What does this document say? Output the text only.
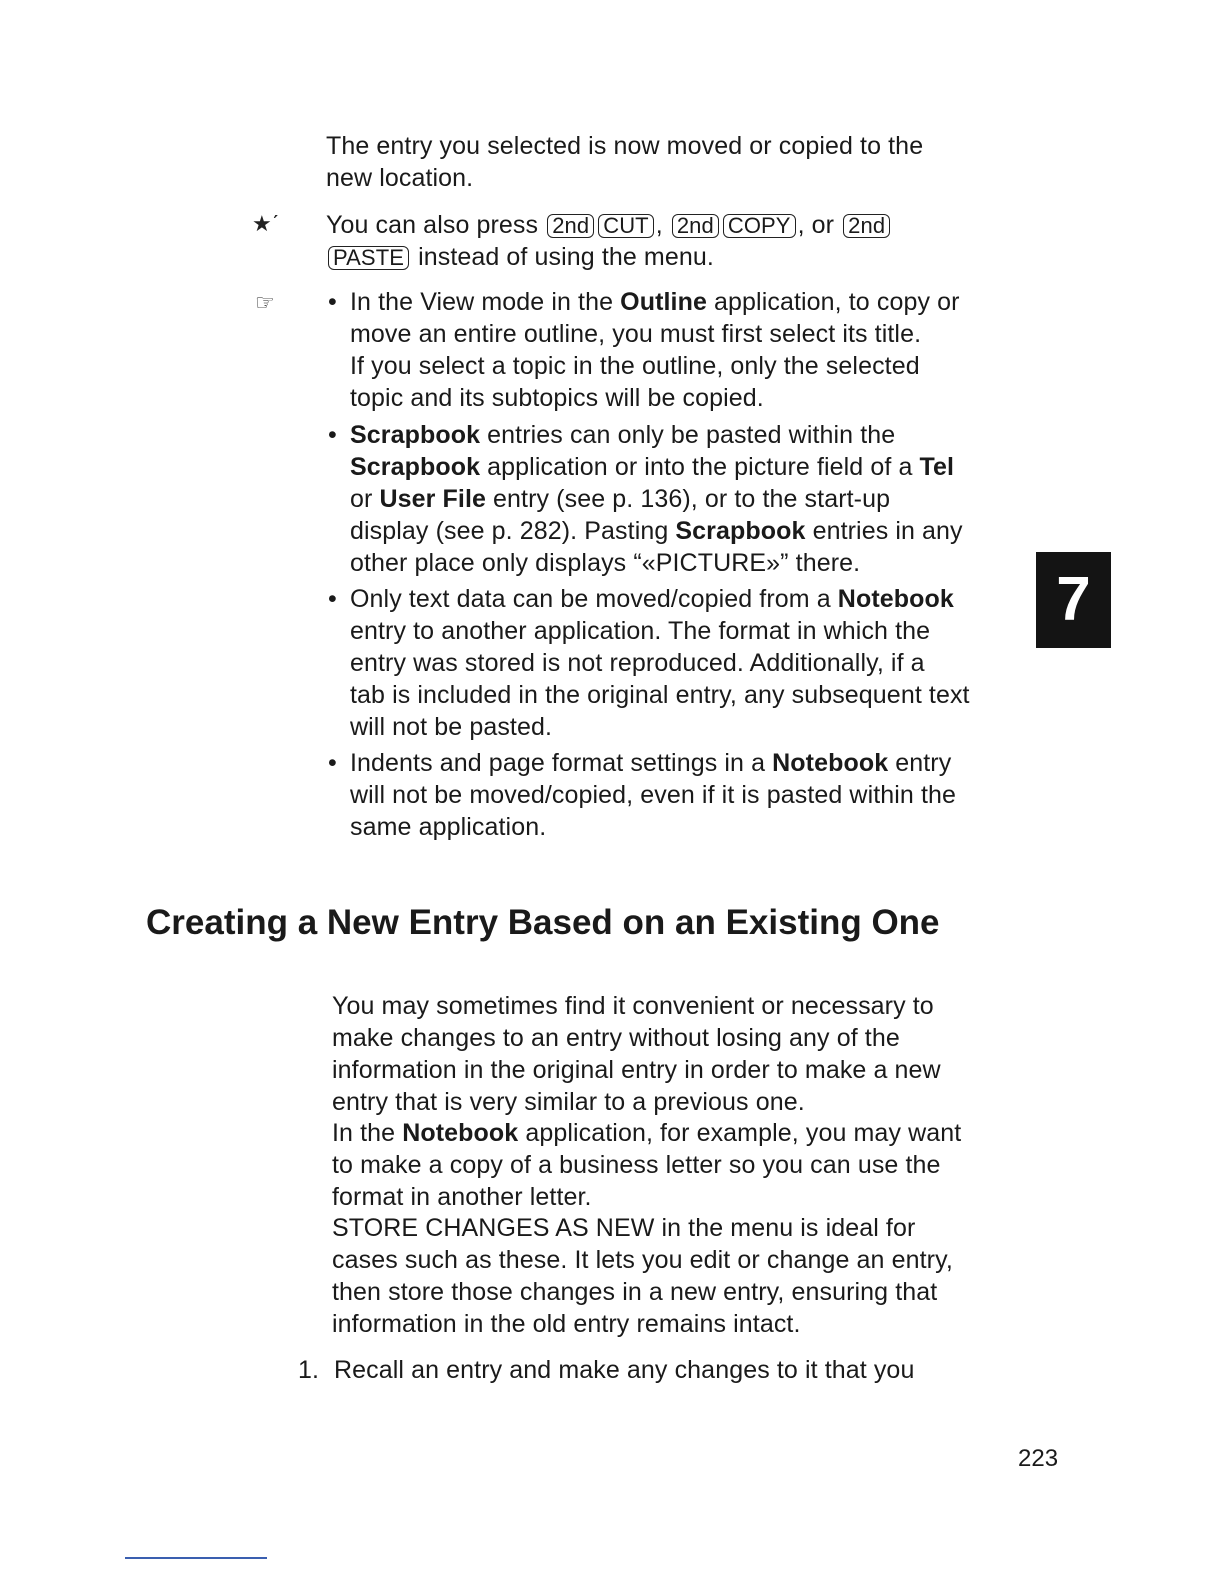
The entry you selected is now moved or copied to the
new location.
★ˊ You can also press 2nd CUT , 2nd COPY , or 2nd
PASTE instead of using the menu.
☞ • In the View mode in the Outline application, to copy or
move an entire outline, you must first select its title.
If you select a topic in the outline, only the selected
topic and its subtopics will be copied.
• Scrapbook entries can only be pasted within the
Scrapbook application or into the picture field of a Tel
or User File entry (see p. 136), or to the start-up
display (see p. 282). Pasting Scrapbook entries in any
other place only displays “«PICTURE»” there.
• Only text data can be moved/copied from a Notebook
entry to another application. The format in which the
entry was stored is not reproduced. Additionally, if a
tab is included in the original entry, any subsequent text
will not be pasted.
• Indents and page format settings in a Notebook entry
will not be moved/copied, even if it is pasted within the
same application.
7
Creating a New Entry Based on an Existing One
You may sometimes find it convenient or necessary to
make changes to an entry without losing any of the
information in the original entry in order to make a new
entry that is very similar to a previous one.
In the Notebook application, for example, you may want
to make a copy of a business letter so you can use the
format in another letter.
STORE CHANGES AS NEW in the menu is ideal for
cases such as these. It lets you edit or change an entry,
then store those changes in a new entry, ensuring that
information in the old entry remains intact.
1. Recall an entry and make any changes to it that you
223
